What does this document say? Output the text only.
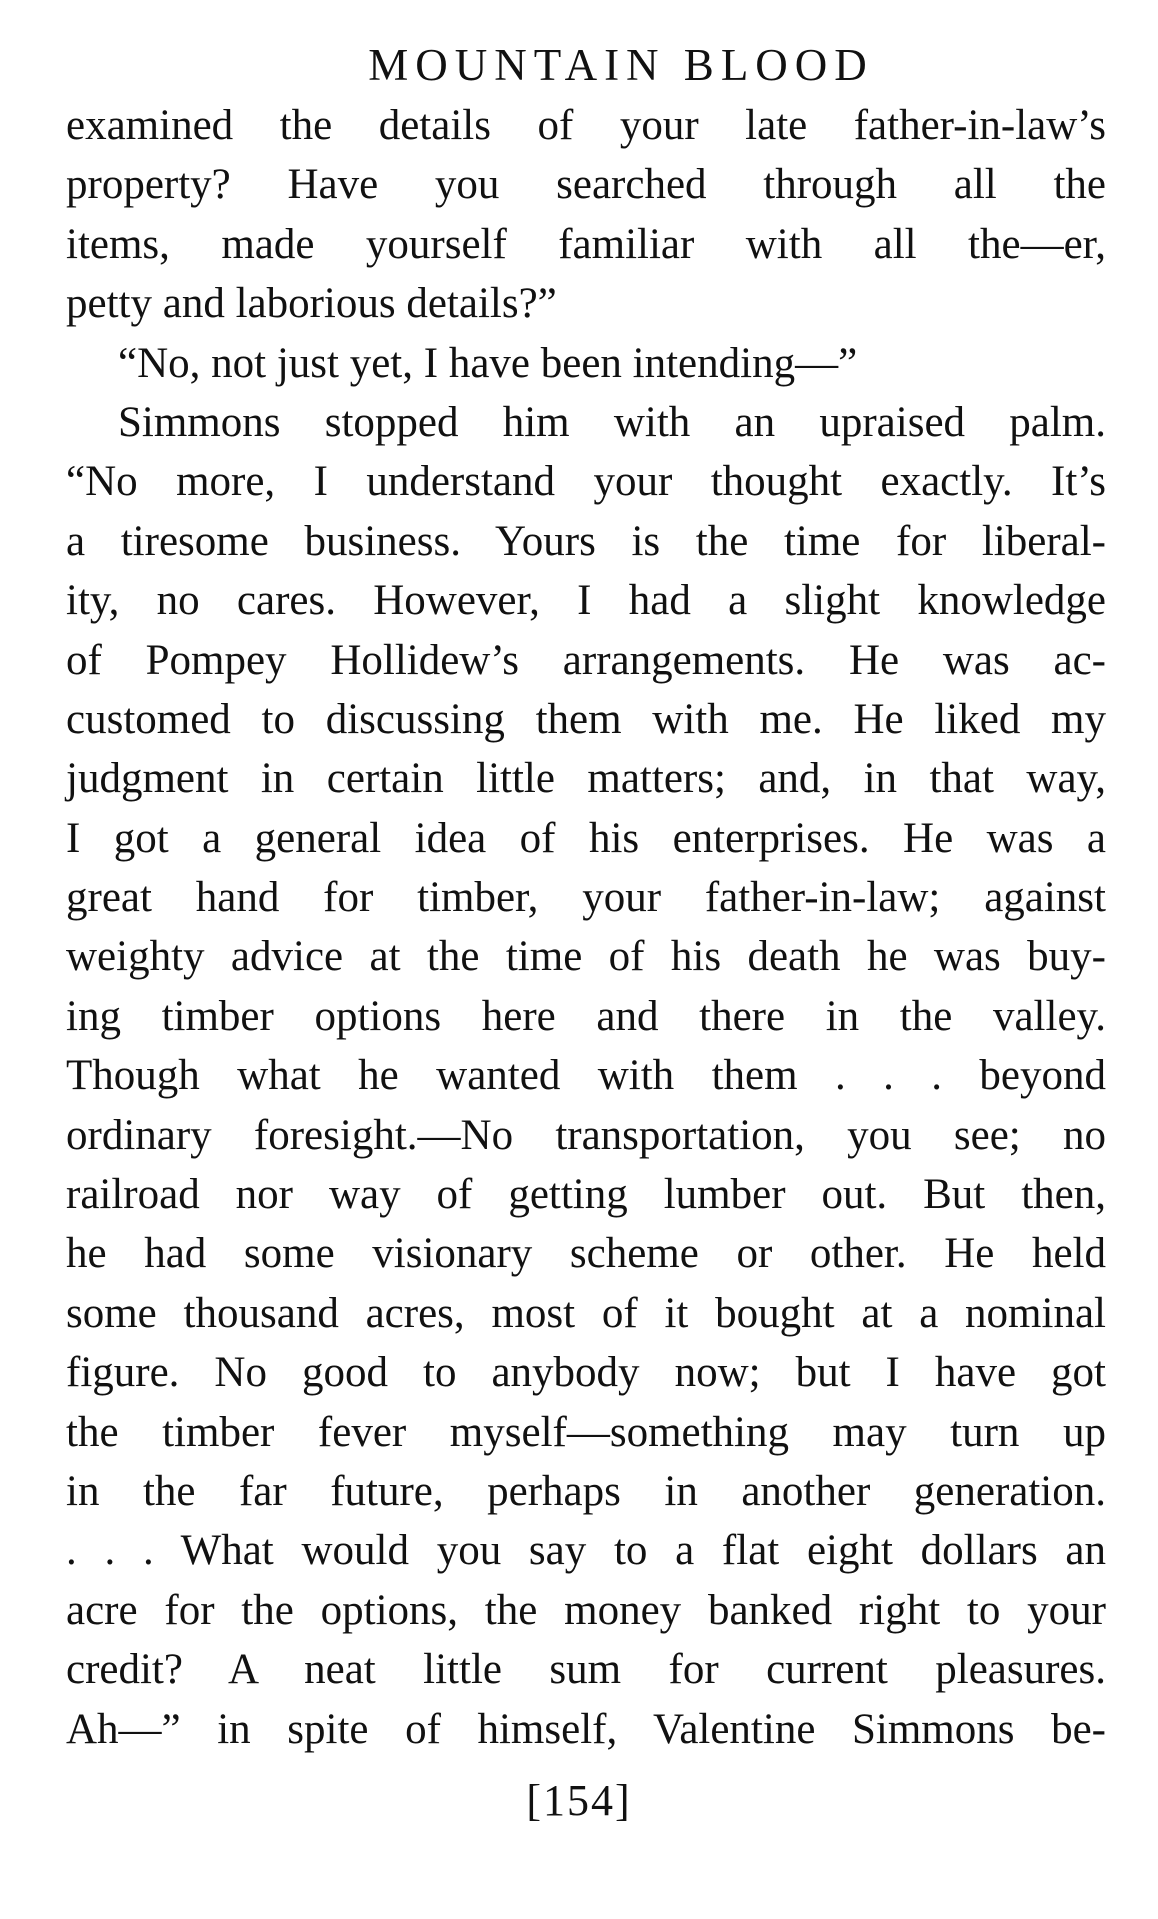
MOUNTAIN BLOOD
examined the details of your late father-in-law’s
property? Have you searched through all the
items, made yourself familiar with all the—er,
petty and laborious details?”
“No, not just yet, I have been intending—”
Simmons stopped him with an upraised palm.
“No more, I understand your thought exactly. It’s
a tiresome business. Yours is the time for liberal-
ity, no cares. However, I had a slight knowledge
of Pompey Hollidew’s arrangements. He was ac-
customed to discussing them with me. He liked my
judgment in certain little matters; and, in that way,
I got a general idea of his enterprises. He was a
great hand for timber, your father-in-law; against
weighty advice at the time of his death he was buy-
ing timber options here and there in the valley.
Though what he wanted with them . . . beyond
ordinary foresight.—No transportation, you see; no
railroad nor way of getting lumber out. But then,
he had some visionary scheme or other. He held
some thousand acres, most of it bought at a nominal
figure. No good to anybody now; but I have got
the timber fever myself—something may turn up
in the far future, perhaps in another generation.
. . . What would you say to a flat eight dollars an
acre for the options, the money banked right to your
credit? A neat little sum for current pleasures.
Ah—” in spite of himself, Valentine Simmons be-
[154]
